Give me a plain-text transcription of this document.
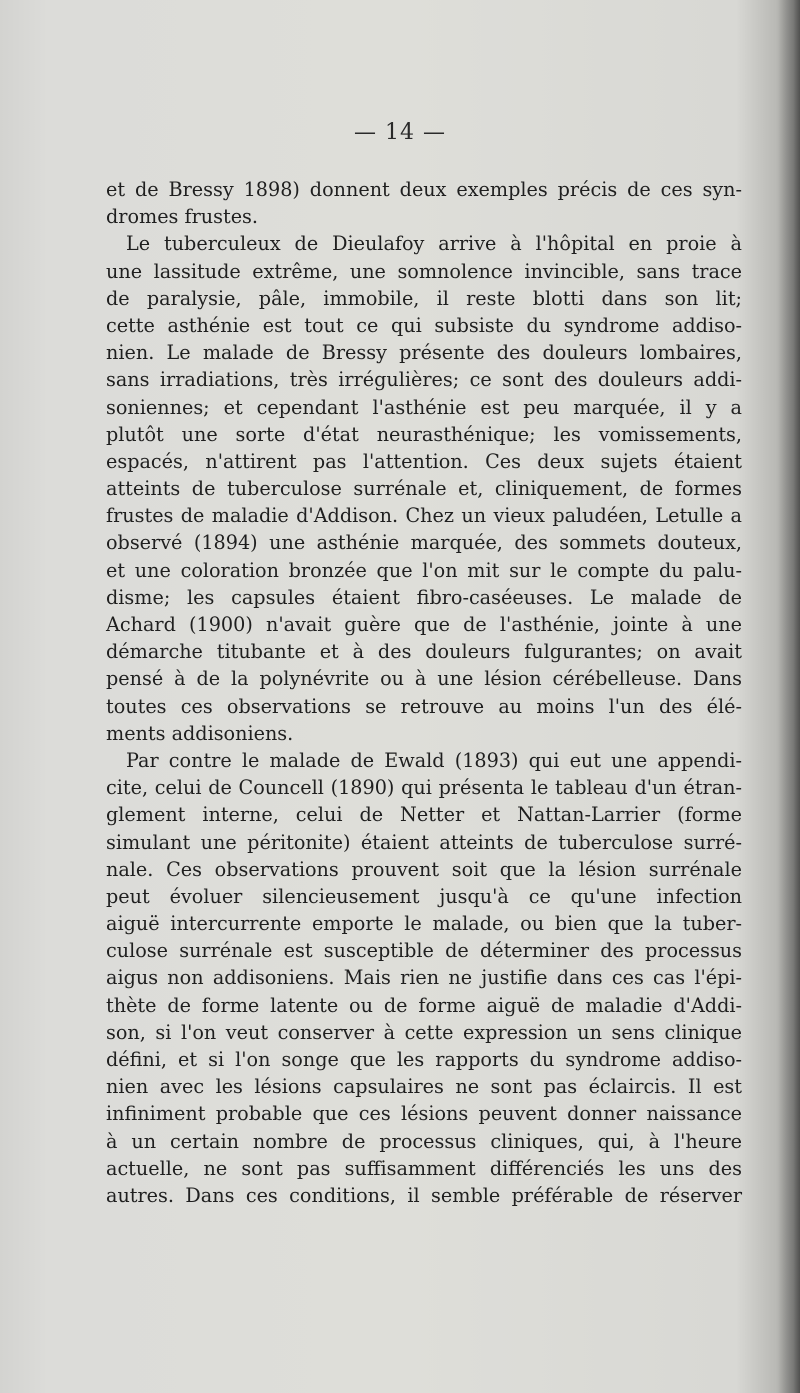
— 14 —
et de Bressy 1898) donnent deux exemples précis de ces syn-
dromes frustes.
Le tuberculeux de Dieulafoy arrive à l'hôpital en proie à
une lassitude extrême, une somnolence invincible, sans trace
de paralysie, pâle, immobile, il reste blotti dans son lit;
cette asthénie est tout ce qui subsiste du syndrome addiso-
nien. Le malade de Bressy présente des douleurs lombaires,
sans irradiations, très irrégulières; ce sont des douleurs addi-
soniennes; et cependant l'asthénie est peu marquée, il y a
plutôt une sorte d'état neurasthénique; les vomissements,
espacés, n'attirent pas l'attention. Ces deux sujets étaient
atteints de tuberculose surrénale et, cliniquement, de formes
frustes de maladie d'Addison. Chez un vieux paludéen, Letulle a
observé (1894) une asthénie marquée, des sommets douteux,
et une coloration bronzée que l'on mit sur le compte du palu-
disme; les capsules étaient fibro-caséeuses. Le malade de
Achard (1900) n'avait guère que de l'asthénie, jointe à une
démarche titubante et à des douleurs fulgurantes; on avait
pensé à de la polynévrite ou à une lésion cérébelleuse. Dans
toutes ces observations se retrouve au moins l'un des élé-
ments addisoniens.
Par contre le malade de Ewald (1893) qui eut une appendi-
cite, celui de Councell (1890) qui présenta le tableau d'un étran-
glement interne, celui de Netter et Nattan-Larrier (forme
simulant une péritonite) étaient atteints de tuberculose surré-
nale. Ces observations prouvent soit que la lésion surrénale
peut évoluer silencieusement jusqu'à ce qu'une infection
aiguë intercurrente emporte le malade, ou bien que la tuber-
culose surrénale est susceptible de déterminer des processus
aigus non addisoniens. Mais rien ne justifie dans ces cas l'épi-
thète de forme latente ou de forme aiguë de maladie d'Addi-
son, si l'on veut conserver à cette expression un sens clinique
défini, et si l'on songe que les rapports du syndrome addiso-
nien avec les lésions capsulaires ne sont pas éclaircis. Il est
infiniment probable que ces lésions peuvent donner naissance
à un certain nombre de processus cliniques, qui, à l'heure
actuelle, ne sont pas suffisamment différenciés les uns des
autres. Dans ces conditions, il semble préférable de réserver
